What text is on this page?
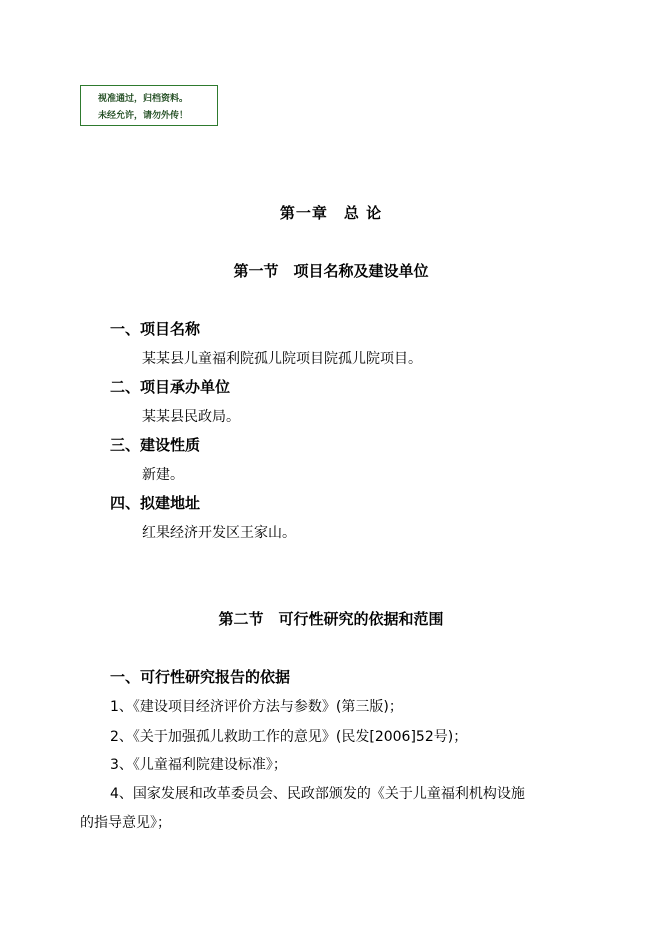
视准通过，归档资料。
未经允许，请勿外传！
第一章　总 论
第一节　项目名称及建设单位
一、项目名称
某某县儿童福利院孤儿院项目院孤儿院项目。
二、项目承办单位
某某县民政局。
三、建设性质
新建。
四、拟建地址
红果经济开发区王家山。
第二节　可行性研究的依据和范围
一、可行性研究报告的依据
1、《建设项目经济评价方法与参数》(第三版)；
2、《关于加强孤儿救助工作的意见》(民发[2006]52号)；
3、《儿童福利院建设标准》；
4、国家发展和改革委员会、民政部颁发的《关于儿童福利机构设施
的指导意见》；
